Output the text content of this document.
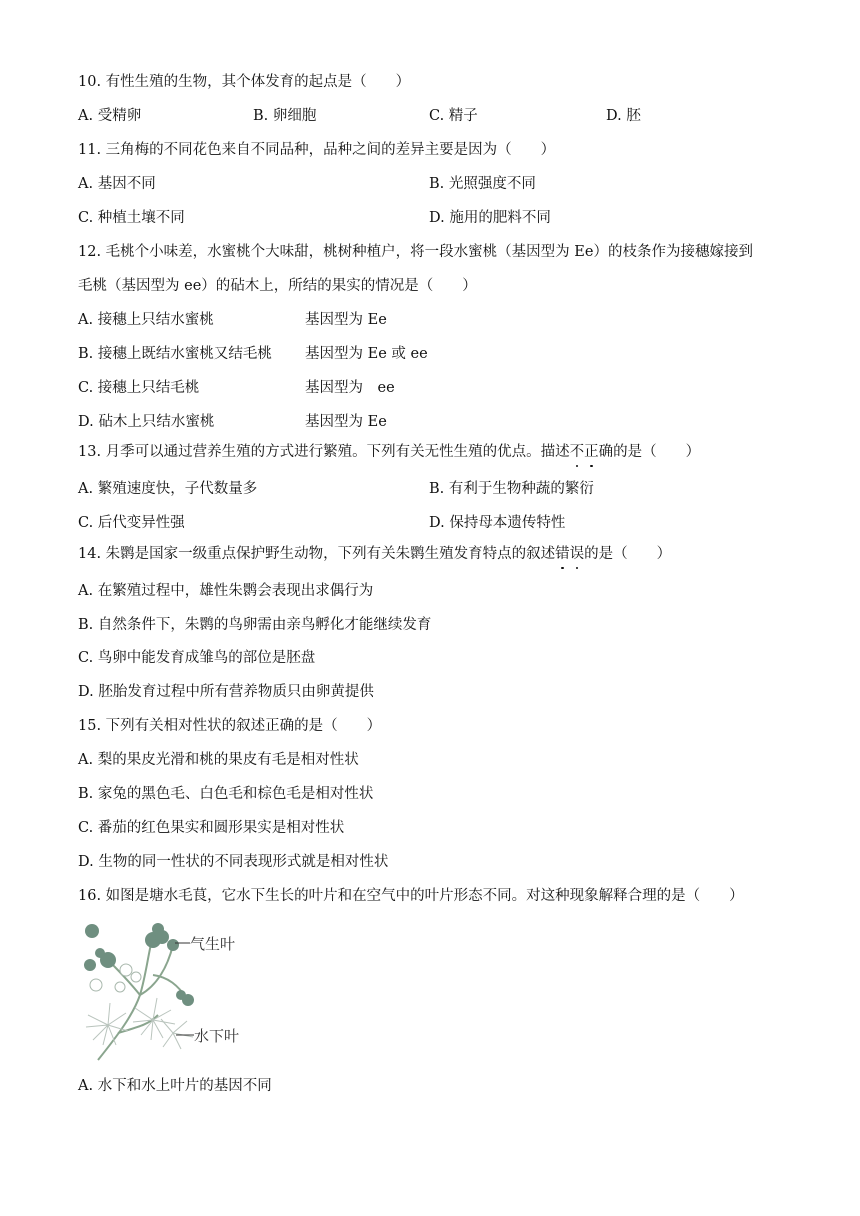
10. 有性生殖的生物，其个体发育的起点是（　　）
A. 受精卵	B. 卵细胞	C. 精子	D. 胚
11. 三角梅的不同花色来自不同品种，品种之间的差异主要是因为（　　）
A. 基因不同	B. 光照强度不同
C. 种植土壤不同	D. 施用的肥料不同
12. 毛桃个小味差，水蜜桃个大味甜，桃树种植户，将一段水蜜桃（基因型为 Ee）的枝条作为接穗嫁接到
毛桃（基因型为 ee）的砧木上，所结的果实的情况是（　　）
A. 接穗上只结水蜜桃	基因型为 Ee
B. 接穗上既结水蜜桃又结毛桃 基因型为 Ee 或 ee
C. 接穗上只结毛桃	基因型为　ee
D. 砧木上只结水蜜桃	基因型为 Ee
13. 月季可以通过营养生殖的方式进行繁殖。下列有关无性生殖的优点。描述不正确的是（　　）
A. 繁殖速度快，子代数量多	B. 有利于生物种蔬的繁衍
C. 后代变异性强	D. 保持母本遗传特性
14. 朱鹮是国家一级重点保护野生动物，下列有关朱鹮生殖发育特点的叙述错误的是（　　）
A. 在繁殖过程中，雄性朱鹮会表现出求偶行为
B. 自然条件下，朱鹮的鸟卵需由亲鸟孵化才能继续发育
C. 鸟卵中能发育成雏鸟的部位是胚盘
D. 胚胎发育过程中所有营养物质只由卵黄提供
15. 下列有关相对性状的叙述正确的是（　　）
A. 梨的果皮光滑和桃的果皮有毛是相对性状
B. 家兔的黑色毛、白色毛和棕色毛是相对性状
C. 番茄的红色果实和圆形果实是相对性状
D. 生物的同一性状的不同表现形式就是相对性状
16. 如图是塘水毛茛，它水下生长的叶片和在空气中的叶片形态不同。对这种现象解释合理的是（　　）
气生叶
水下叶
A. 水下和水上叶片的基因不同
